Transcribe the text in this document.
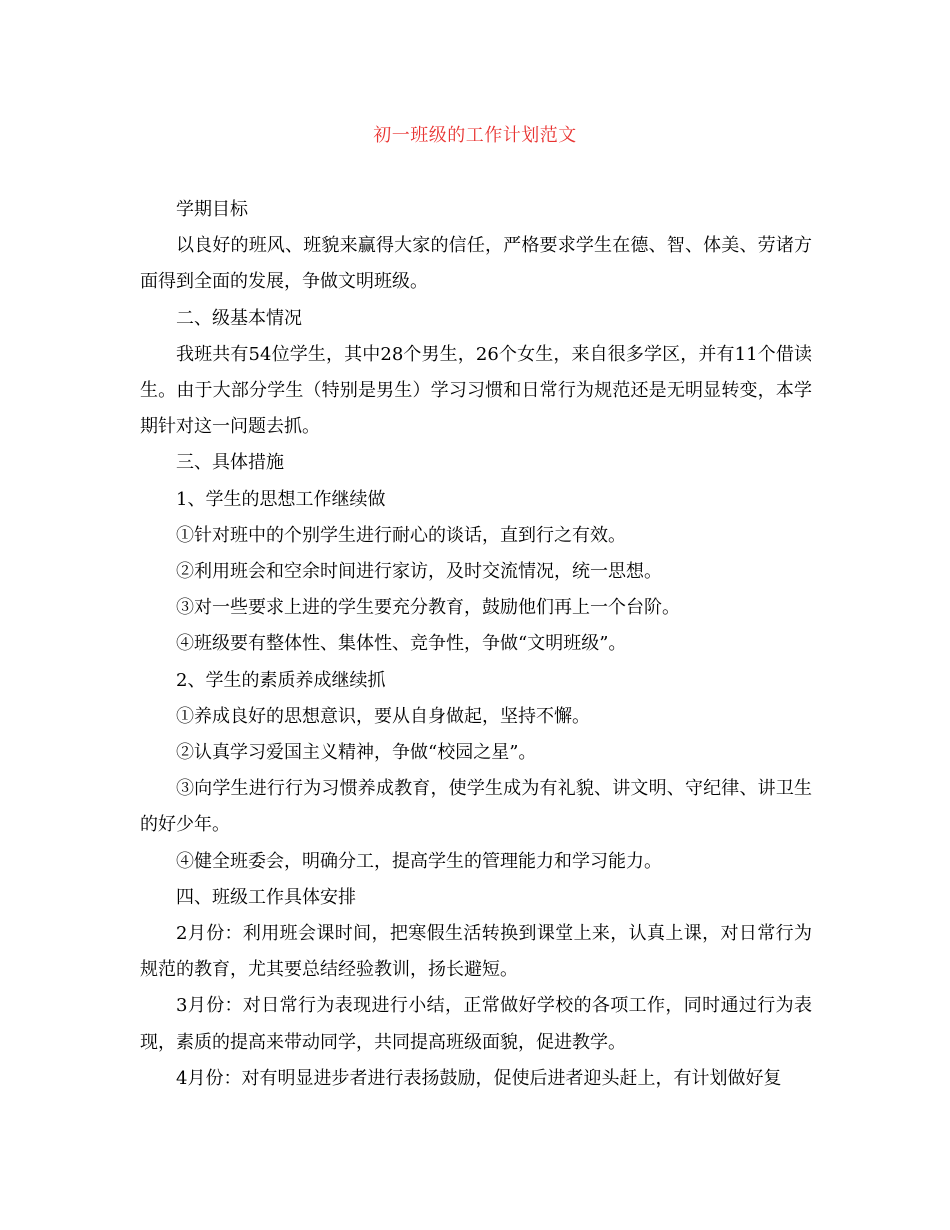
初一班级的工作计划范文

学期目标

以良好的班风、班貌来赢得大家的信任，严格要求学生在德、智、体美、劳诸方面得到全面的发展，争做文明班级。

二、级基本情况

我班共有54位学生，其中28个男生，26个女生，来自很多学区，并有11个借读生。由于大部分学生（特别是男生）学习习惯和日常行为规范还是无明显转变，本学期针对这一问题去抓。

三、具体措施

1、学生的思想工作继续做

①针对班中的个别学生进行耐心的谈话，直到行之有效。

②利用班会和空余时间进行家访，及时交流情况，统一思想。

③对一些要求上进的学生要充分教育，鼓励他们再上一个台阶。

④班级要有整体性、集体性、竞争性，争做“文明班级”。

2、学生的素质养成继续抓

①养成良好的思想意识，要从自身做起，坚持不懈。

②认真学习爱国主义精神，争做“校园之星”。

③向学生进行行为习惯养成教育，使学生成为有礼貌、讲文明、守纪律、讲卫生的好少年。

④健全班委会，明确分工，提高学生的管理能力和学习能力。

四、班级工作具体安排

2月份：利用班会课时间，把寒假生活转换到课堂上来，认真上课，对日常行为规范的教育，尤其要总结经验教训，扬长避短。

3月份：对日常行为表现进行小结，正常做好学校的各项工作，同时通过行为表现，素质的提高来带动同学，共同提高班级面貌，促进教学。

4月份：对有明显进步者进行表扬鼓励，促使后进者迎头赶上，有计划做好复
